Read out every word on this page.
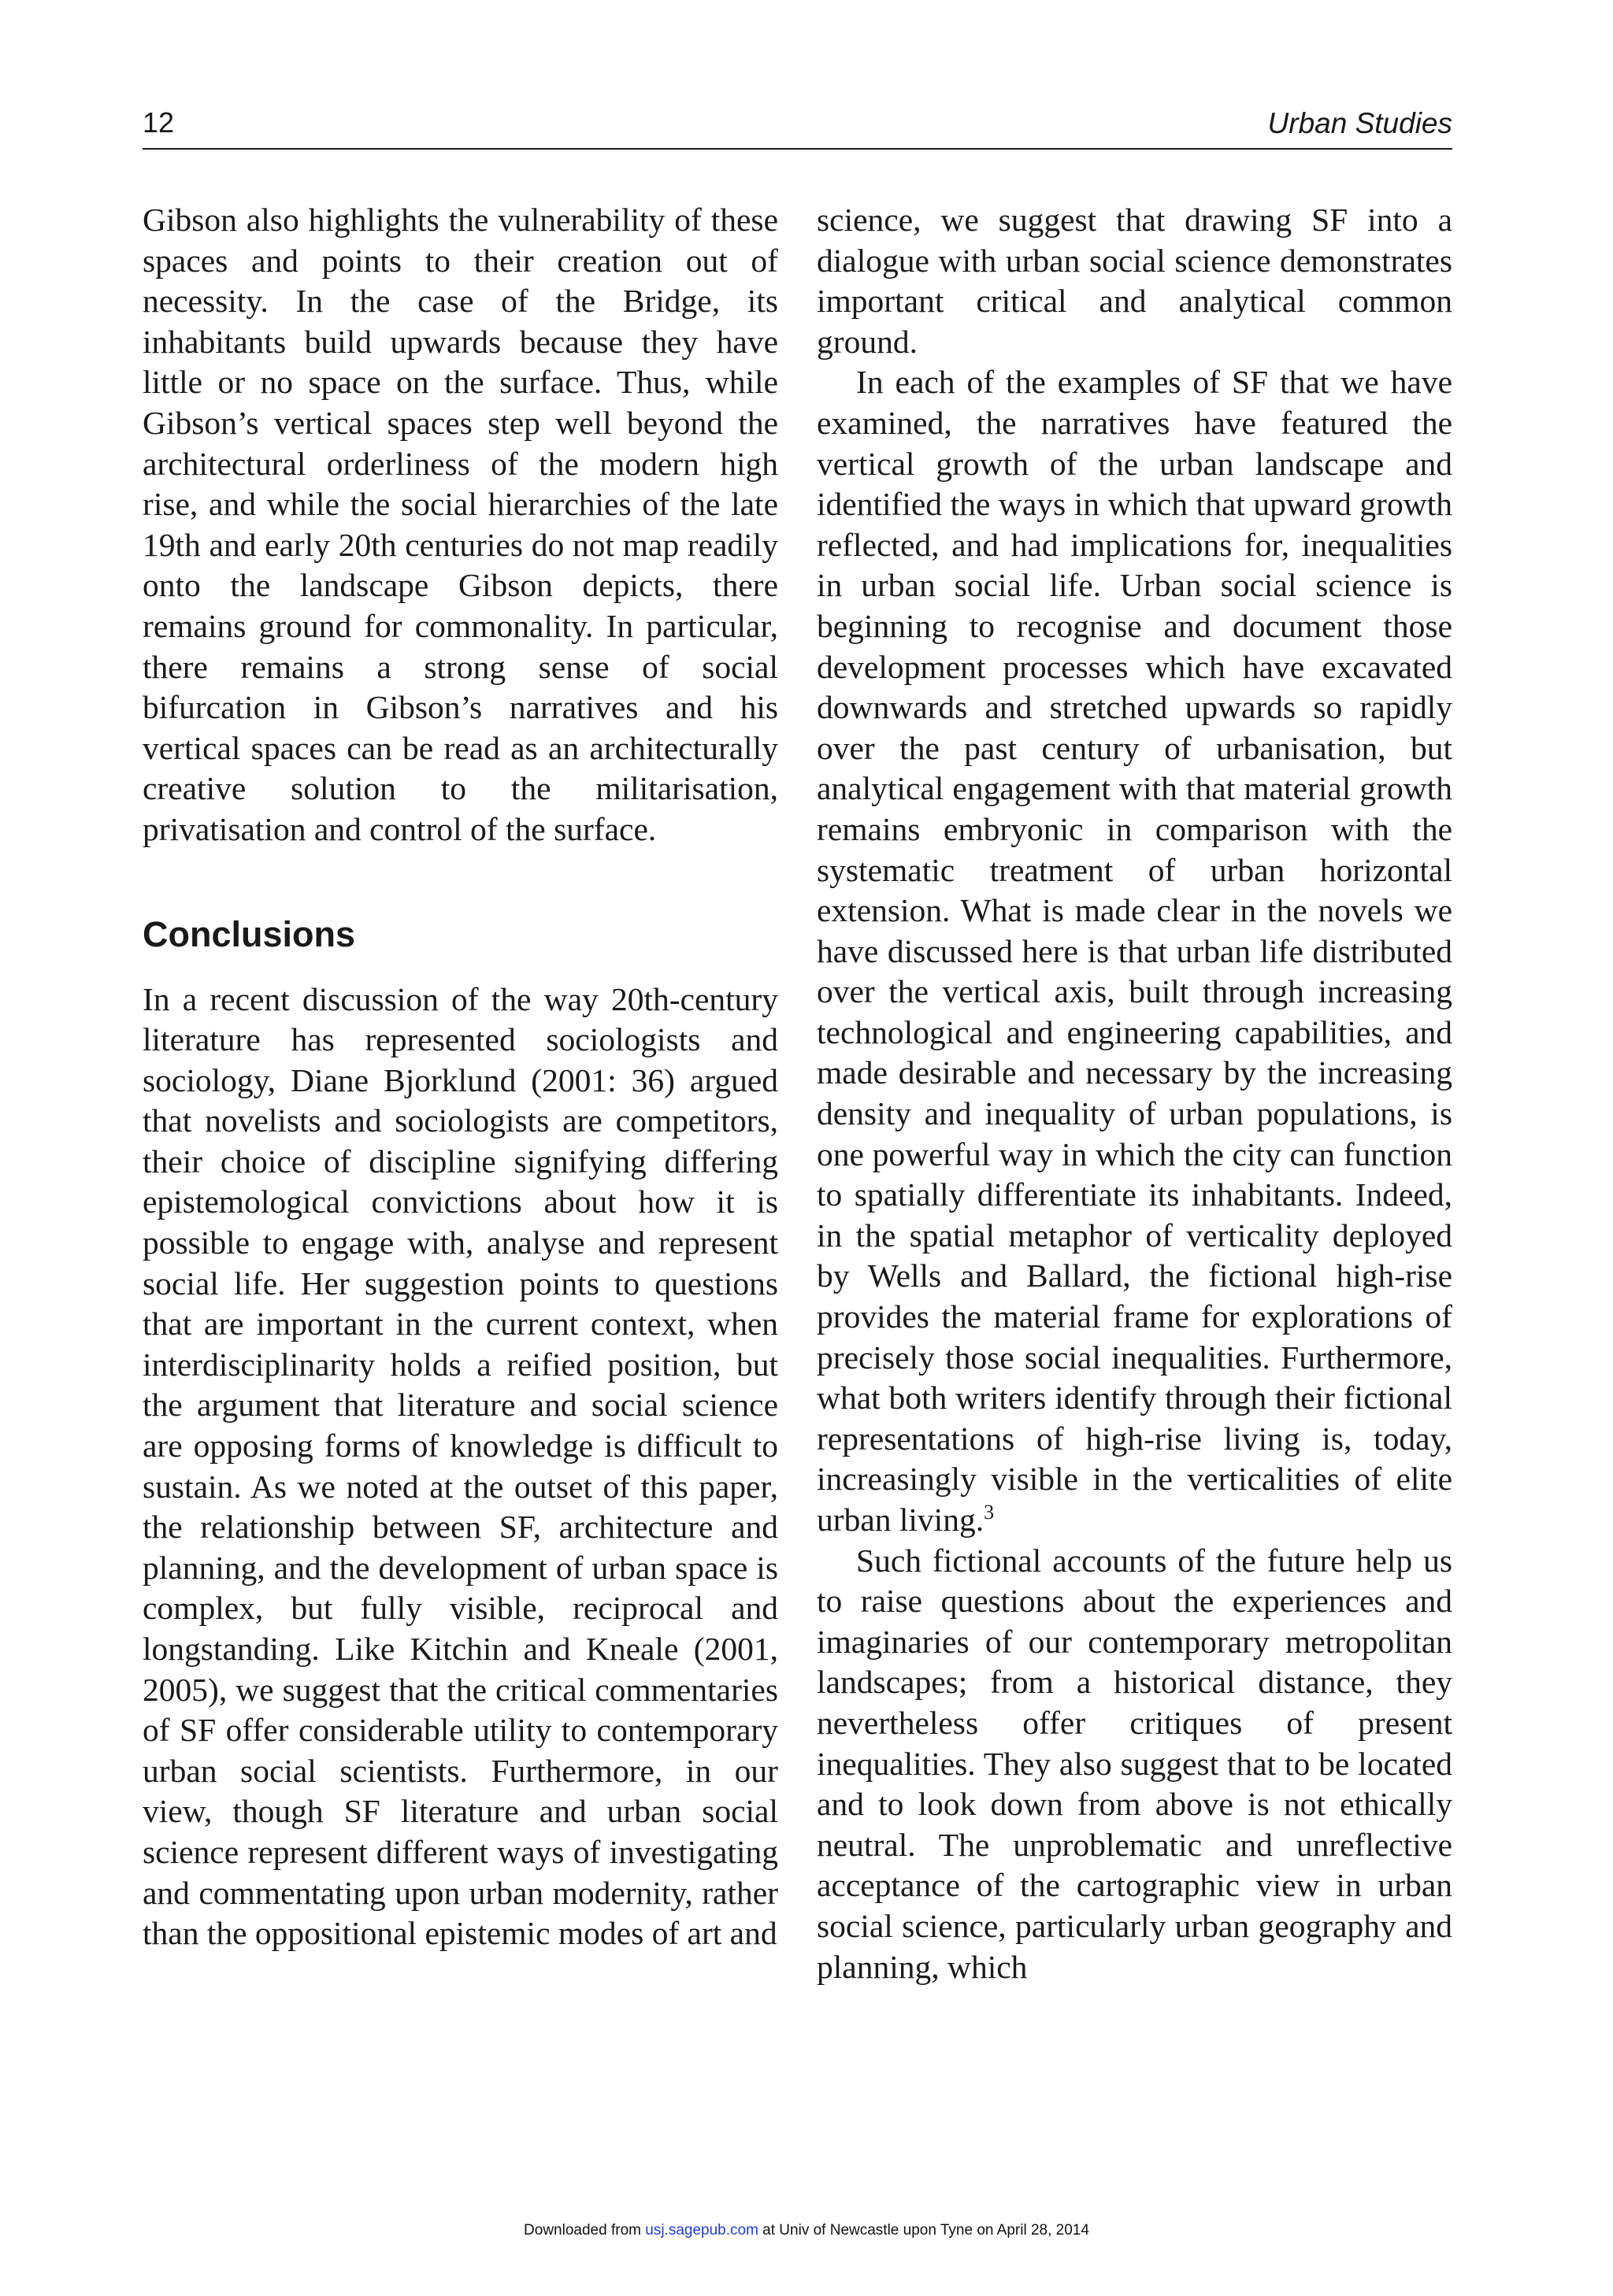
12	Urban Studies

Gibson also highlights the vulnerability of these spaces and points to their creation out of necessity. In the case of the Bridge, its inhabitants build upwards because they have little or no space on the surface. Thus, while Gibson’s vertical spaces step well beyond the architectural orderliness of the modern high rise, and while the social hierarchies of the late 19th and early 20th centuries do not map readily onto the landscape Gibson depicts, there remains ground for commonality. In particular, there remains a strong sense of social bifurcation in Gibson’s narratives and his vertical spaces can be read as an architecturally creative solution to the militarisation, privatisation and control of the surface.

Conclusions

In a recent discussion of the way 20th-century literature has represented sociologists and sociology, Diane Bjorklund (2001: 36) argued that novelists and sociologists are competitors, their choice of discipline signifying differing epistemological convictions about how it is possible to engage with, analyse and represent social life. Her suggestion points to questions that are important in the current context, when interdisciplinarity holds a reified position, but the argument that literature and social science are opposing forms of knowledge is difficult to sustain. As we noted at the outset of this paper, the relationship between SF, architecture and planning, and the development of urban space is complex, but fully visible, reciprocal and longstanding. Like Kitchin and Kneale (2001, 2005), we suggest that the critical commentaries of SF offer considerable utility to contemporary urban social scientists. Furthermore, in our view, though SF literature and urban social science represent different ways of investigating and commentating upon urban modernity, rather than the oppositional epistemic modes of art and

science, we suggest that drawing SF into a dialogue with urban social science demonstrates important critical and analytical common ground.

In each of the examples of SF that we have examined, the narratives have featured the vertical growth of the urban landscape and identified the ways in which that upward growth reflected, and had implications for, inequalities in urban social life. Urban social science is beginning to recognise and document those development processes which have excavated downwards and stretched upwards so rapidly over the past century of urbanisation, but analytical engagement with that material growth remains embryonic in comparison with the systematic treatment of urban horizontal extension. What is made clear in the novels we have discussed here is that urban life distributed over the vertical axis, built through increasing technological and engineering capabilities, and made desirable and necessary by the increasing density and inequality of urban populations, is one powerful way in which the city can function to spatially differentiate its inhabitants. Indeed, in the spatial metaphor of verticality deployed by Wells and Ballard, the fictional high-rise provides the material frame for explorations of precisely those social inequalities. Furthermore, what both writers identify through their fictional representations of high-rise living is, today, increasingly visible in the verticalities of elite urban living.$^3$

Such fictional accounts of the future help us to raise questions about the experiences and imaginaries of our contemporary metropolitan landscapes; from a historical distance, they nevertheless offer critiques of present inequalities. They also suggest that to be located and to look down from above is not ethically neutral. The unproblematic and unreflective acceptance of the cartographic view in urban social science, particularly urban geography and planning, which

Downloaded from usj.sagepub.com at Univ of Newcastle upon Tyne on April 28, 2014
